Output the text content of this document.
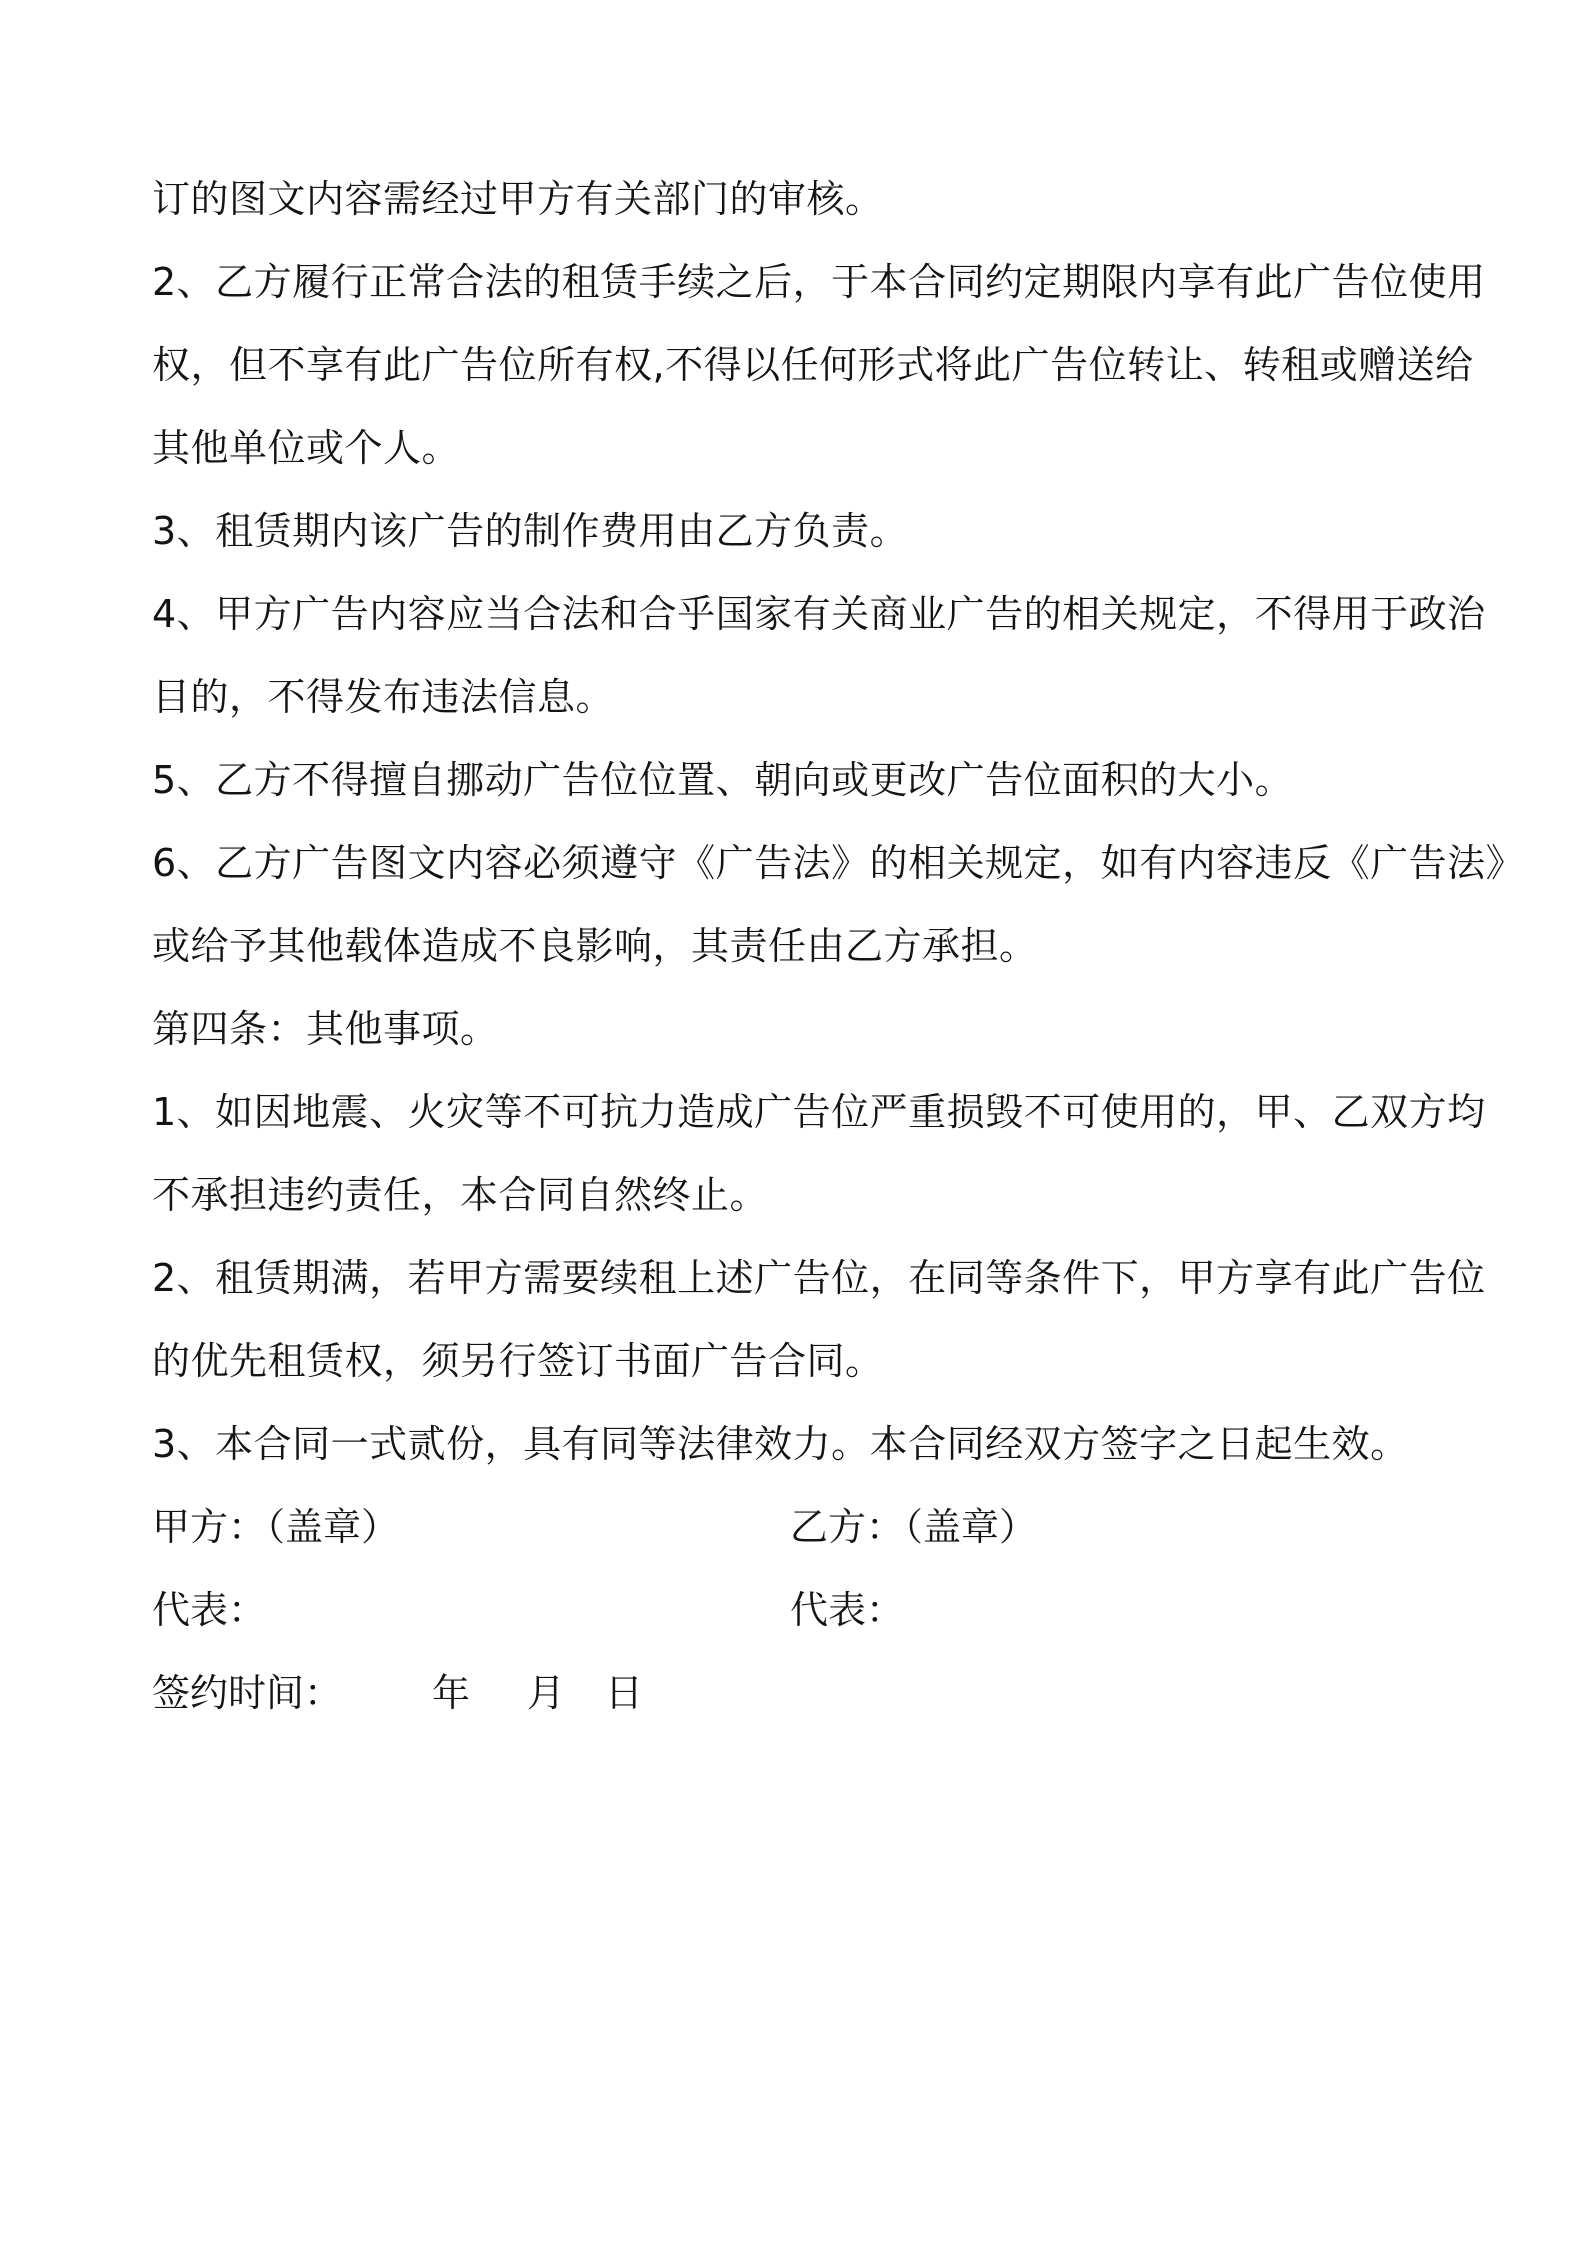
订的图文内容需经过甲方有关部门的审核。
2、乙方履行正常合法的租赁手续之后，于本合同约定期限内享有此广告位使用
权，但不享有此广告位所有权,不得以任何形式将此广告位转让、转租或赠送给
其他单位或个人。
3、租赁期内该广告的制作费用由乙方负责。
4、甲方广告内容应当合法和合乎国家有关商业广告的相关规定，不得用于政治
目的，不得发布违法信息。
5、乙方不得擅自挪动广告位位置、朝向或更改广告位面积的大小。
6、乙方广告图文内容必须遵守《广告法》的相关规定，如有内容违反《广告法》
或给予其他载体造成不良影响，其责任由乙方承担。
第四条：其他事项。
1、如因地震、火灾等不可抗力造成广告位严重损毁不可使用的，甲、乙双方均
不承担违约责任，本合同自然终止。
2、租赁期满，若甲方需要续租上述广告位，在同等条件下，甲方享有此广告位
的优先租赁权，须另行签订书面广告合同。
3、本合同一式贰份，具有同等法律效力。本合同经双方签字之日起生效。
甲方：（盖章）	乙方：（盖章）
代表：	代表：
签约时间： 年 月 日
